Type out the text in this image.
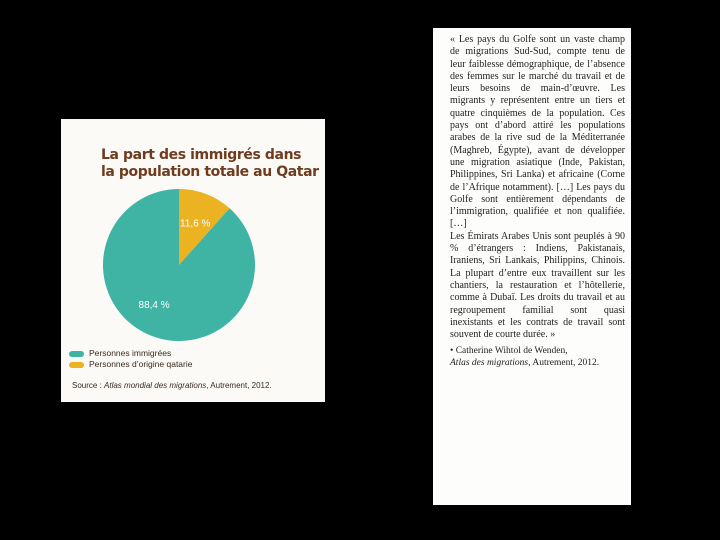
La part des immigrés dans
la population totale au Qatar
11,6 %
88,4 %
Personnes immigrées
Personnes d’origine qatarie
Source : Atlas mondial des migrations, Autrement, 2012.

« Les pays du Golfe sont un vaste champ de migrations Sud-Sud, compte tenu de leur faiblesse démographique, de l’absence des femmes sur le marché du travail et de leurs besoins de main-d’œuvre. Les migrants y représentent entre un tiers et quatre cinquièmes de la population. Ces pays ont d’abord attiré les populations arabes de la rive sud de la Méditerranée (Maghreb, Égypte), avant de développer une migration asiatique (Inde, Pakistan, Philippines, Sri Lanka) et africaine (Corne de l’Afrique notamment). […] Les pays du Golfe sont entièrement dépendants de l’immigration, qualifiée et non qualifiée. […]

Les Émirats Arabes Unis sont peuplés à 90 % d’étrangers : Indiens, Pakistanais, Iraniens, Sri Lankais, Philippins, Chinois. La plupart d’entre eux travaillent sur les chantiers, la restauration et l’hôtellerie, comme à Dubaï. Les droits du travail et au regroupement familial sont quasi inexistants et les contrats de travail sont souvent de courte durée. »

• Catherine Wihtol de Wenden,
Atlas des migrations, Autrement, 2012.
